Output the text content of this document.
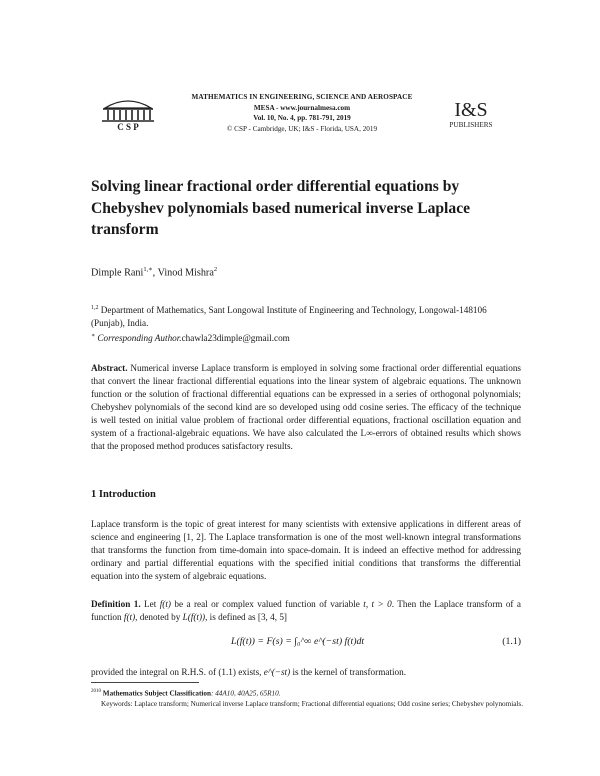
C S P
MATHEMATICS IN ENGINEERING, SCIENCE AND AEROSPACE
MESA - www.journalmesa.com
Vol. 10, No. 4, pp. 781-791, 2019
© CSP - Cambridge, UK; I&S - Florida, USA, 2019
I&S
PUBLISHERS
Solving linear fractional order differential equations by Chebyshev polynomials based numerical inverse Laplace transform
Dimple Rani$^{1,∗}$, Vinod Mishra$^2$
$^{1,2}$ Department of Mathematics, Sant Longowal Institute of Engineering and Technology, Longowal-148106 (Punjab), India.
∗ Corresponding Author.chawla23dimple@gmail.com

Abstract. Numerical inverse Laplace transform is employed in solving some fractional order differential equations that convert the linear fractional differential equations into the linear system of algebraic equations. The unknown function or the solution of fractional differential equations can be expressed in a series of orthogonal polynomials; Chebyshev polynomials of the second kind are so developed using odd cosine series. The efficacy of the technique is well tested on initial value problem of fractional order differential equations, fractional oscillation equation and system of a fractional-algebraic equations. We have also calculated the L∞-errors of obtained results which shows that the proposed method produces satisfactory results.

1 Introduction

Laplace transform is the topic of great interest for many scientists with extensive applications in different areas of science and engineering [1, 2]. The Laplace transformation is one of the most well-known integral transformations that transforms the function from time-domain into space-domain. It is indeed an effective method for addressing ordinary and partial differential equations with the specified initial conditions that transforms the differential equation into the system of algebraic equations.

Definition 1. Let f(t) be a real or complex valued function of variable t, t > 0. Then the Laplace transform of a function f(t), denoted by L(f(t)), is defined as [3, 4, 5]

L(f(t)) = F(s) = ∫₀^∞ e^(−st) f(t)dt	(1.1)

provided the integral on R.H.S. of (1.1) exists, e^(−st) is the kernel of transformation.

$^{2010}$ Mathematics Subject Classification: 44A10, 40A25, 65R10.
Keywords: Laplace transform; Numerical inverse Laplace transform; Fractional differential equations; Odd cosine series; Chebyshev polynomials.
